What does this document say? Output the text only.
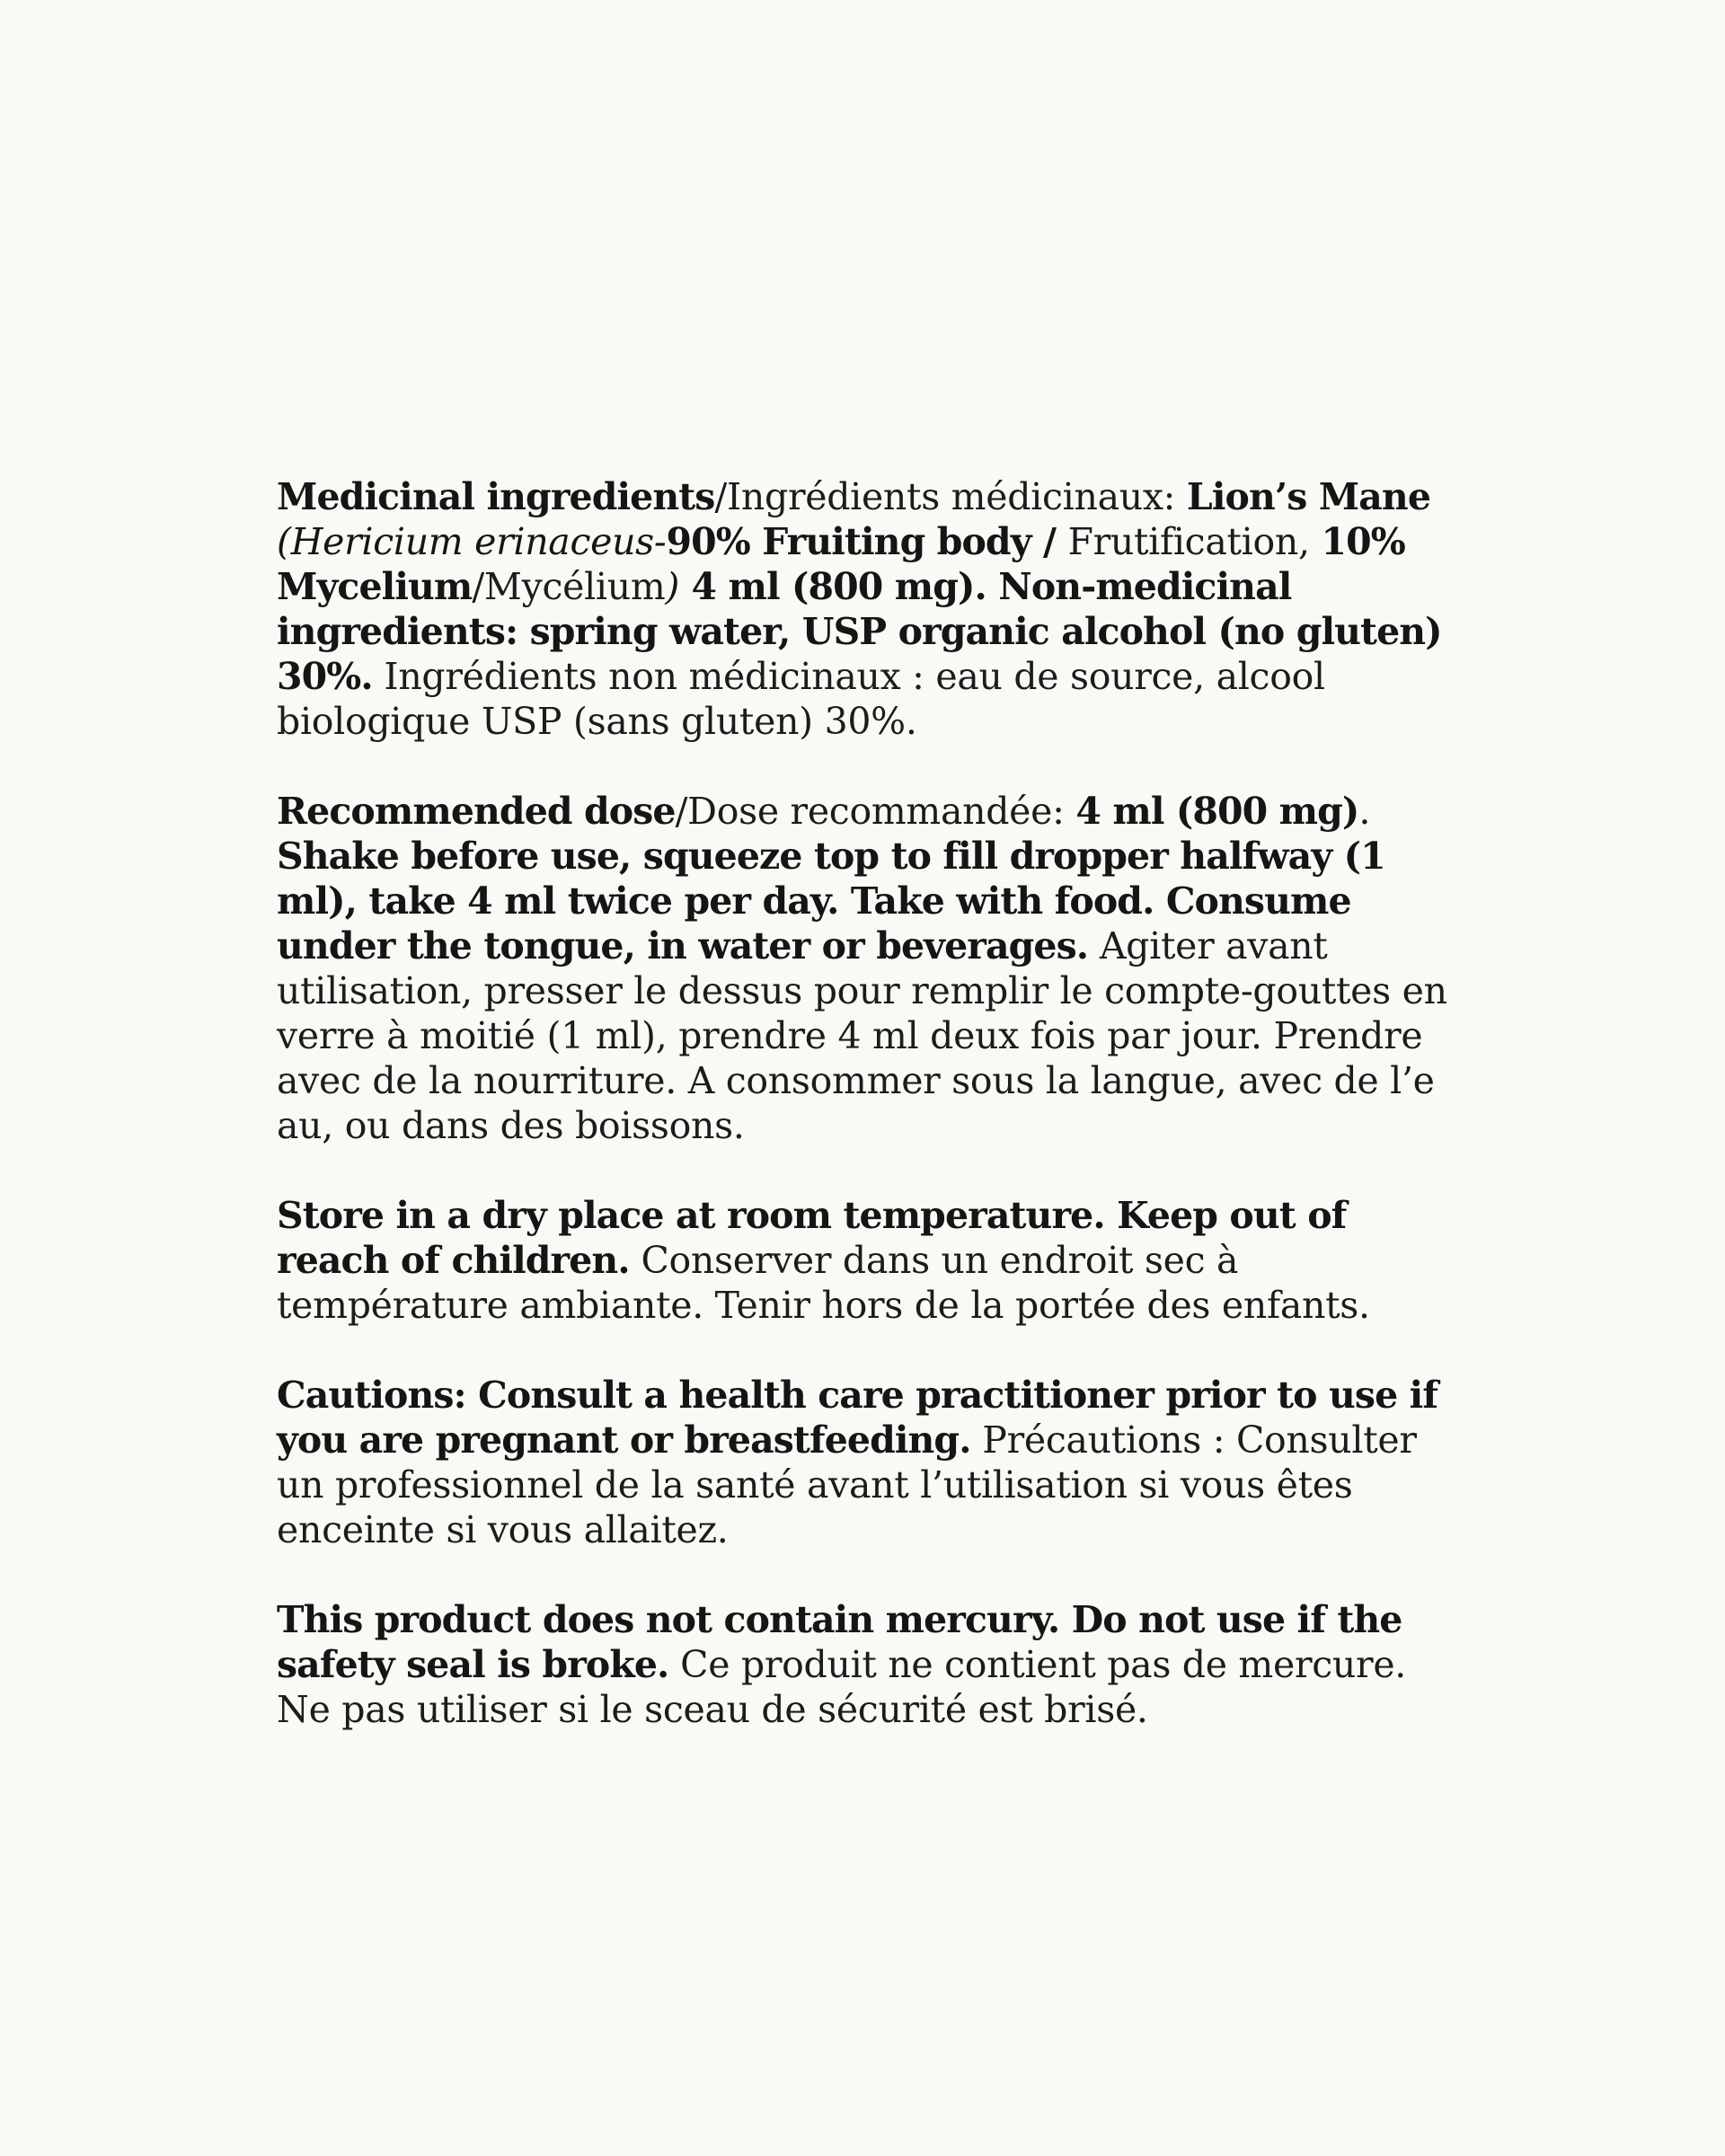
Medicinal ingredients/Ingrédients médicinaux: Lion’s Mane (Hericium erinaceus-90% Fruiting body / Frutification, 10% Mycelium/Mycélium) 4 ml (800 mg). Non-medicinal ingredients: spring water, USP organic alcohol (no gluten) 30%. Ingrédients non médicinaux : eau de source, alcool biologique USP (sans gluten) 30%.

Recommended dose/Dose recommandée: 4 ml (800 mg). Shake before use, squeeze top to fill dropper halfway (1 ml), take 4 ml twice per day. Take with food. Consume under the tongue, in water or beverages. Agiter avant utilisation, presser le dessus pour remplir le compte-gouttes en verre à moitié (1 ml), prendre 4 ml deux fois par jour. Prendre avec de la nourriture. A consommer sous la langue, avec de l’e au, ou dans des boissons.

Store in a dry place at room temperature. Keep out of reach of children. Conserver dans un endroit sec à température ambiante. Tenir hors de la portée des enfants.

Cautions: Consult a health care practitioner prior to use if you are pregnant or breastfeeding. Précautions : Consulter un professionnel de la santé avant l’utilisation si vous êtes enceinte si vous allaitez.

This product does not contain mercury. Do not use if the safety seal is broke. Ce produit ne contient pas de mercure. Ne pas utiliser si le sceau de sécurité est brisé.
